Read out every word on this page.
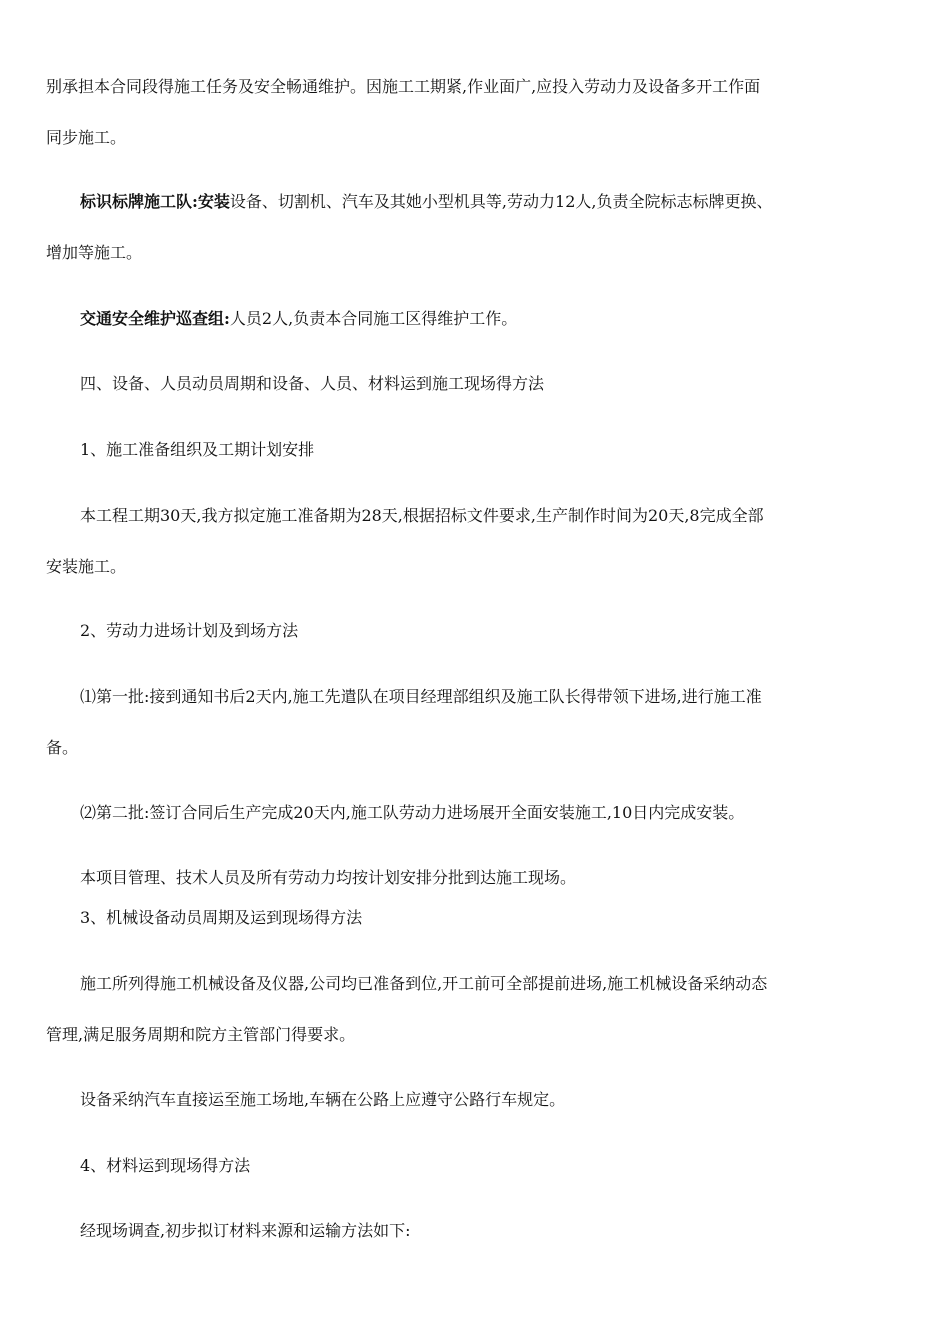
别承担本合同段得施工任务及安全畅通维护。因施工工期紧,作业面广,应投入劳动力及设备多开工作面
同步施工。
标识标牌施工队:安装设备、切割机、汽车及其她小型机具等,劳动力12人,负责全院标志标牌更换、
增加等施工。
交通安全维护巡查组:人员2人,负责本合同施工区得维护工作。
四、设备、人员动员周期和设备、人员、材料运到施工现场得方法
1、施工准备组织及工期计划安排
本工程工期30天,我方拟定施工准备期为28天,根据招标文件要求,生产制作时间为20天,8完成全部
安装施工。
2、劳动力进场计划及到场方法
⑴第一批:接到通知书后2天内,施工先遣队在项目经理部组织及施工队长得带领下进场,进行施工准
备。
⑵第二批:签订合同后生产完成20天内,施工队劳动力进场展开全面安装施工,10日内完成安装。
本项目管理、技术人员及所有劳动力均按计划安排分批到达施工现场。
3、机械设备动员周期及运到现场得方法
施工所列得施工机械设备及仪器,公司均已准备到位,开工前可全部提前进场,施工机械设备采纳动态
管理,满足服务周期和院方主管部门得要求。
设备采纳汽车直接运至施工场地,车辆在公路上应遵守公路行车规定。
4、材料运到现场得方法
经现场调查,初步拟订材料来源和运输方法如下:
